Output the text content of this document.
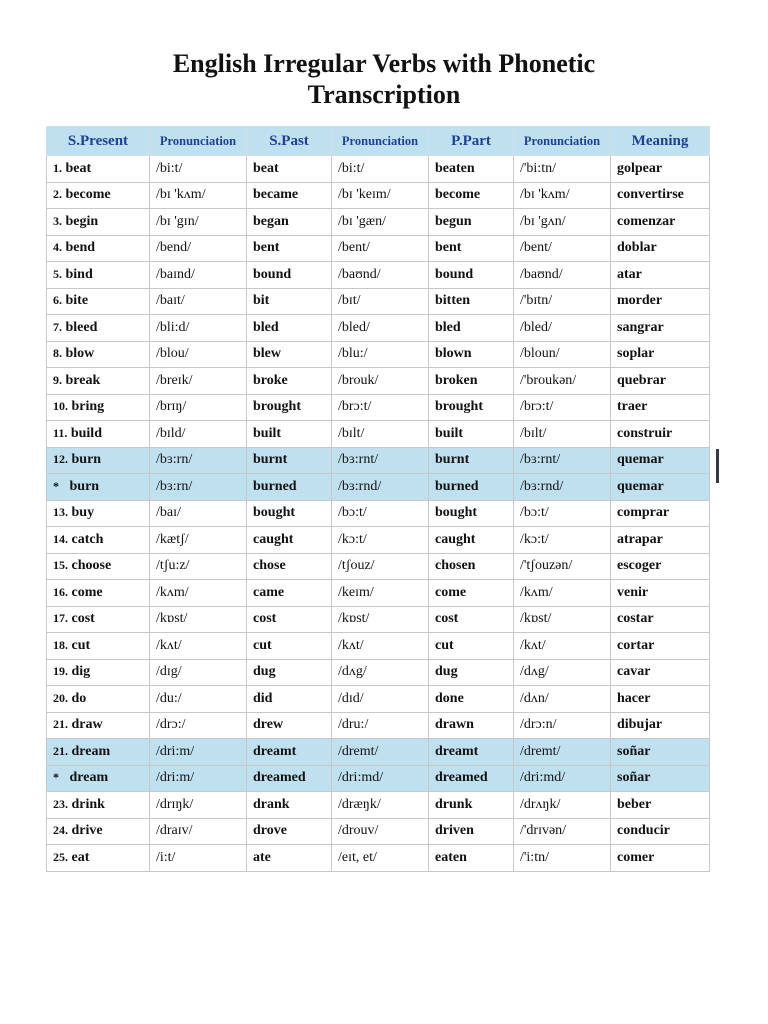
English Irregular Verbs with Phonetic
Transcription
S.Present	Pronunciation	S.Past	Pronunciation	P.Part	Pronunciation	Meaning
1. beat	/bi:t/	beat	/bi:t/	beaten	/'bi:tn/	golpear
2. become	/bɪ 'kʌm/	became	/bɪ 'keɪm/	become	/bɪ 'kʌm/	convertirse
3. begin	/bɪ 'gɪn/	began	/bɪ 'gæn/	begun	/bɪ 'gʌn/	comenzar
4. bend	/bend/	bent	/bent/	bent	/bent/	doblar
5. bind	/baɪnd/	bound	/baʊnd/	bound	/baʊnd/	atar
6. bite	/baɪt/	bit	/bɪt/	bitten	/'bɪtn/	morder
7. bleed	/bli:d/	bled	/bled/	bled	/bled/	sangrar
8. blow	/blou/	blew	/blu:/	blown	/bloun/	soplar
9. break	/breɪk/	broke	/brouk/	broken	/'broukən/	quebrar
10. bring	/brɪŋ/	brought	/brɔ:t/	brought	/brɔ:t/	traer
11. build	/bɪld/	built	/bɪlt/	built	/bɪlt/	construir
12. burn	/bɜ:rn/	burnt	/bɜ:rnt/	burnt	/bɜ:rnt/	quemar
* burn	/bɜ:rn/	burned	/bɜ:rnd/	burned	/bɜ:rnd/	quemar
13. buy	/baɪ/	bought	/bɔ:t/	bought	/bɔ:t/	comprar
14. catch	/kætʃ/	caught	/kɔ:t/	caught	/kɔ:t/	atrapar
15. choose	/tʃu:z/	chose	/tʃouz/	chosen	/'tʃouzən/	escoger
16. come	/kʌm/	came	/keɪm/	come	/kʌm/	venir
17. cost	/kɒst/	cost	/kɒst/	cost	/kɒst/	costar
18. cut	/kʌt/	cut	/kʌt/	cut	/kʌt/	cortar
19. dig	/dɪg/	dug	/dʌg/	dug	/dʌg/	cavar
20. do	/du:/	did	/dɪd/	done	/dʌn/	hacer
21. draw	/drɔ:/	drew	/dru:/	drawn	/drɔ:n/	dibujar
21. dream	/dri:m/	dreamt	/dremt/	dreamt	/dremt/	soñar
* dream	/dri:m/	dreamed	/dri:md/	dreamed	/dri:md/	soñar
23. drink	/drɪŋk/	drank	/dræŋk/	drunk	/drʌŋk/	beber
24. drive	/draɪv/	drove	/drouv/	driven	/'drɪvən/	conducir
25. eat	/i:t/	ate	/eɪt, et/	eaten	/'i:tn/	comer
